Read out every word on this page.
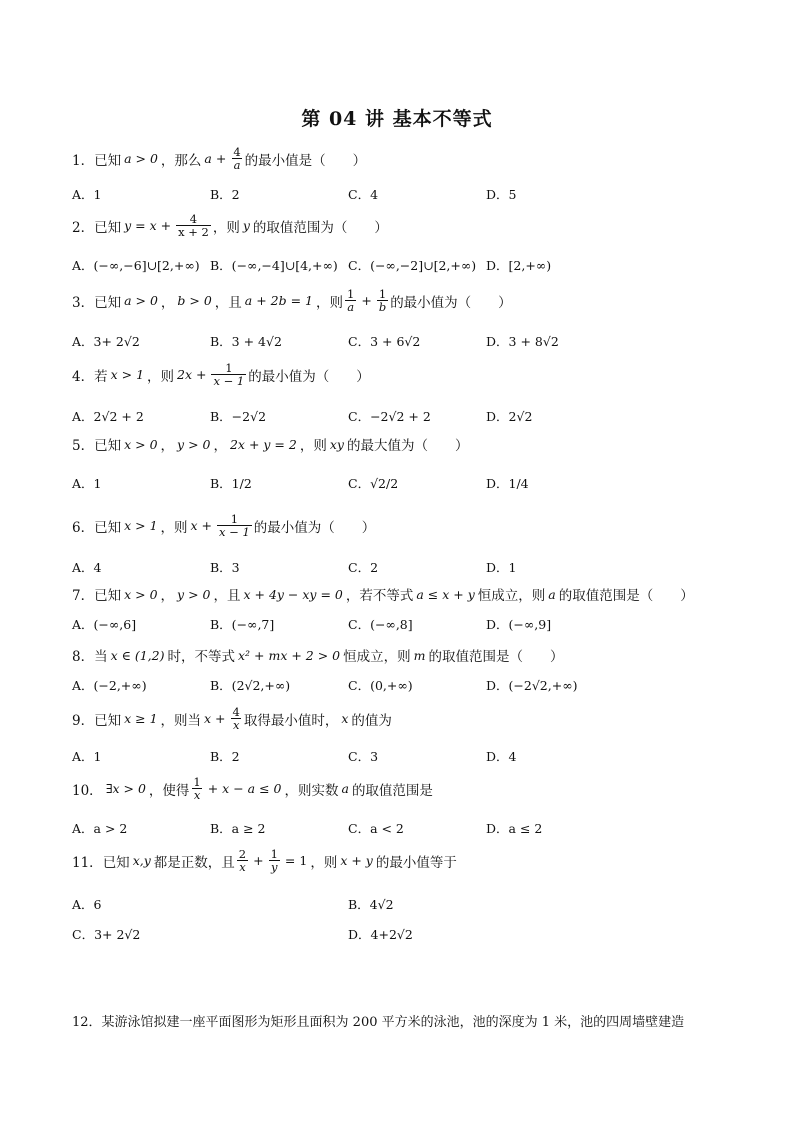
第 04 讲 基本不等式
1． 已知 a > 0 ，那么 $a + \frac{4}{a}$ 的最小值是（　　）
A．1	B．2	C．4	D．5
2． 已知 $y = x + \frac{4}{x + 2}$ ，则 y 的取值范围为（　　）
A．(−∞,−6]∪[2,+∞) B．(−∞,−4]∪[4,+∞) C．(−∞,−2]∪[2,+∞) D．[2,+∞)
3． 已知 a > 0 ， b > 0 ，且 a + 2b = 1 ，则 $\frac{1}{a} + \frac{1}{b}$ 的最小值为（　　）
A．3+ 2√2	B．3 + 4√2	C．3 + 6√2	D．3 + 8√2
4． 若 x > 1 ，则 $2x + \frac{1}{x - 1}$ 的最小值为（　　）
A．2√2 + 2	B．−2√2	C．−2√2 + 2	D．2√2
5． 已知 x > 0 ， y > 0 ， 2x + y = 2 ，则 xy 的最大值为（　　）
A．1	B．1/2	C．√2/2	D．1/4
6． 已知 x > 1 ，则 $x + \frac{1}{x - 1}$ 的最小值为（　　）
A．4	B．3	C．2	D．1
7． 已知 x > 0 ， y > 0 ，且 x + 4y − xy = 0 ，若不等式 a ≤ x + y 恒成立，则 a 的取值范围是（　　）
A．(−∞,6]	B．(−∞,7]	C．(−∞,8]	D．(−∞,9]
8． 当 x ∈ (1,2) 时，不等式 x² + mx + 2 > 0 恒成立，则 m 的取值范围是（　　）
A．(−2,+∞)	B．(2√2,+∞)	C．(0,+∞)	D．(−2√2,+∞)
9． 已知 x ≥ 1 ，则当 $x + \frac{4}{x}$ 取得最小值时， x 的值为
A．1	B．2	C．3	D．4
10． ∃x > 0 ，使得 $\frac{1}{x} + x - a \le 0$ ，则实数 a 的取值范围是
A．a > 2	B．a ≥ 2	C．a < 2	D．a ≤ 2
11． 已知 x,y 都是正数，且 $\frac{2}{x} + \frac{1}{y} = 1$ ，则 x + y 的最小值等于
A．6	B．4√2
C．3+ 2√2	D．4+2√2
12． 某游泳馆拟建一座平面图形为矩形且面积为 200 平方米的泳池，池的深度为 1 米，池的四周墙壁建造
